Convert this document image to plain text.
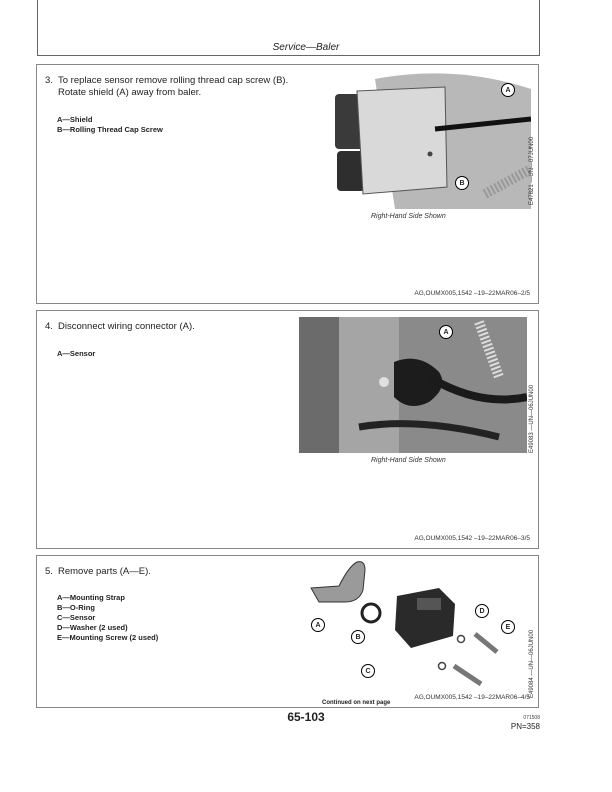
Service—Baler
3. To replace sensor remove rolling thread cap screw (B).
Rotate shield (A) away from baler.
A—Shield
B—Rolling Thread Cap Screw
A
B	E47821 —UN—07JUN00
Right-Hand Side Shown
AG,OUMX005,1542 –19–22MAR06–2/5
4. Disconnect wiring connector (A).
A—Sensor
A
E49083 —UN—06JUN00
Right-Hand Side Shown
AG,OUMX005,1542 –19–22MAR06–3/5
5. Remove parts (A—E).
A—Mounting Strap
B—O-Ring
C—Sensor
D—Washer (2 used)
E—Mounting Screw (2 used)
A
B
C
D
E
E49084 —UN—06JUN00
AG,OUMX005,1542 –19–22MAR06–4/5
Continued on next page
65-103	071508
PN=358
